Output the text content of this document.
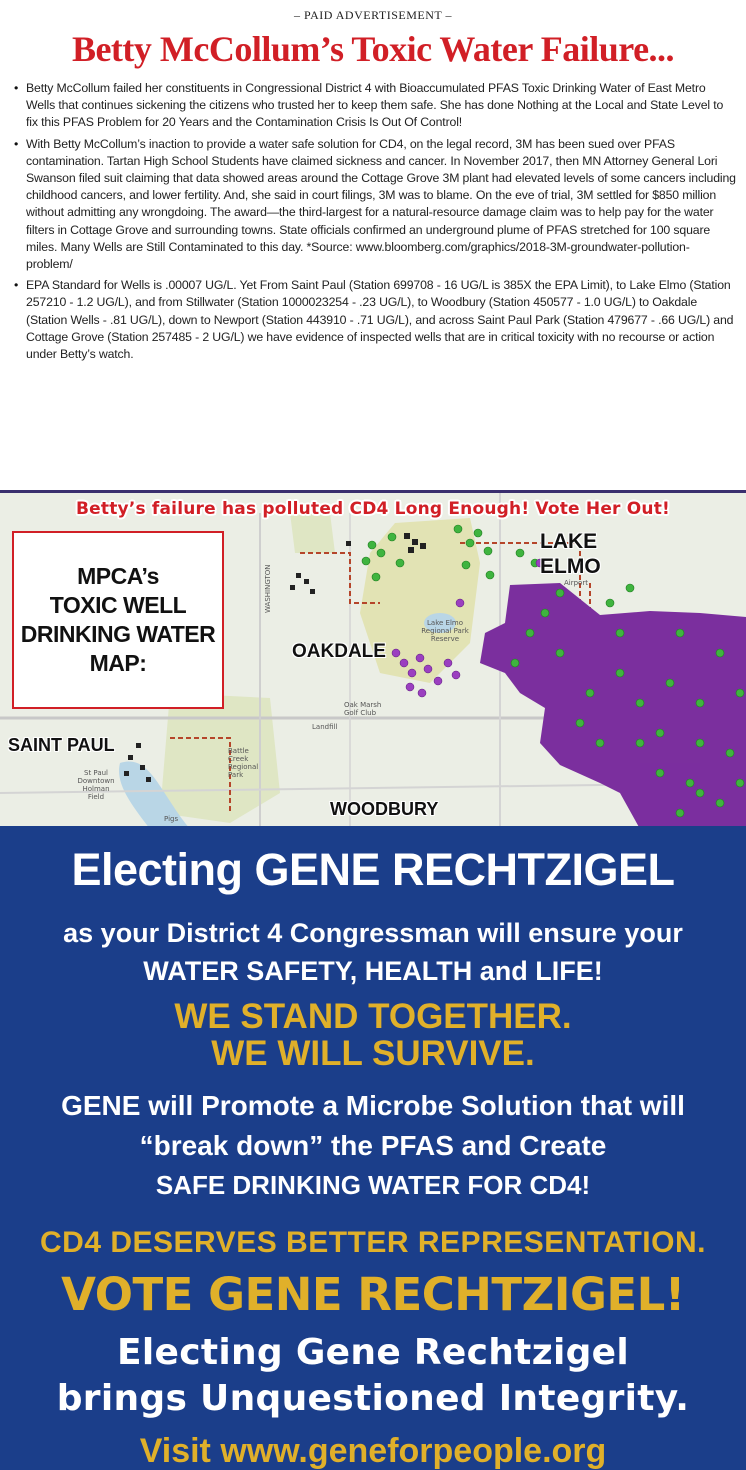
– PAID ADVERTISEMENT –
Betty McCollum’s Toxic Water Failure...
• Betty McCollum failed her constituents in Congressional District 4 with Bioaccumulated PFAS Toxic Drinking Water of East Metro Wells that continues sickening the citizens who trusted her to keep them safe. She has done Nothing at the Local and State Level to fix this PFAS Problem for 20 Years and the Contamination Crisis Is Out Of Control!
• With Betty McCollum’s inaction to provide a water safe solution for CD4, on the legal record, 3M has been sued over PFAS contamination. Tartan High School Students have claimed sickness and cancer. In November 2017, then MN Attorney General Lori Swanson filed suit claiming that data showed areas around the Cottage Grove 3M plant had elevated levels of some cancers including childhood cancers, and lower fertility. And, she said in court filings, 3M was to blame. On the eve of trial, 3M settled for $850 million without admitting any wrongdoing. The award—the third-largest for a natural-resource damage claim was to help pay for the water filters in Cottage Grove and surrounding towns. State officials confirmed an underground plume of PFAS stretched for 100 square miles. Many Wells are Still Contaminated to this day. *Source: www.bloomberg.com/graphics/2018-3M-groundwater-pollution-problem/
• EPA Standard for Wells is .00007 UG/L. Yet From Saint Paul (Station 699708 - 16 UG/L is 385X the EPA Limit), to Lake Elmo (Station 257210 - 1.2 UG/L), and from Stillwater (Station 1000023254 - .23 UG/L), to Woodbury (Station 450577 - 1.0 UG/L) to Oakdale (Station Wells - .81 UG/L), down to Newport (Station 443910 - .71 UG/L), and across Saint Paul Park (Station 479677 - .66 UG/L) and Cottage Grove (Station 257485 - 2 UG/L) we have evidence of inspected wells that are in critical toxicity with no recourse or action under Betty’s watch.
Betty’s failure has polluted CD4 Long Enough! Vote Her Out!
MPCA’s
TOXIC WELL
DRINKING WATER
MAP:	OAKDALE
LAKE
ELMO
SAINT PAUL
WOODBURY
WASHINGTON
Landfill
Lake Elmo Regional Park Reserve
Airport
Oak Marsh Golf Club
Battle Creek Regional Park
St Paul Downtown Holman Field
Pigs
Electing GENE RECHTZIGEL
as your District 4 Congressman will ensure your
WATER SAFETY, HEALTH and LIFE!
WE STAND TOGETHER.
WE WILL SURVIVE.
GENE will Promote a Microbe Solution that will
“break down” the PFAS and Create
SAFE DRINKING WATER FOR CD4!
CD4 DESERVES BETTER REPRESENTATION.
VOTE GENE RECHTZIGEL!
Electing Gene Rechtzigel
brings Unquestioned Integrity.
Visit www.geneforpeople.org
